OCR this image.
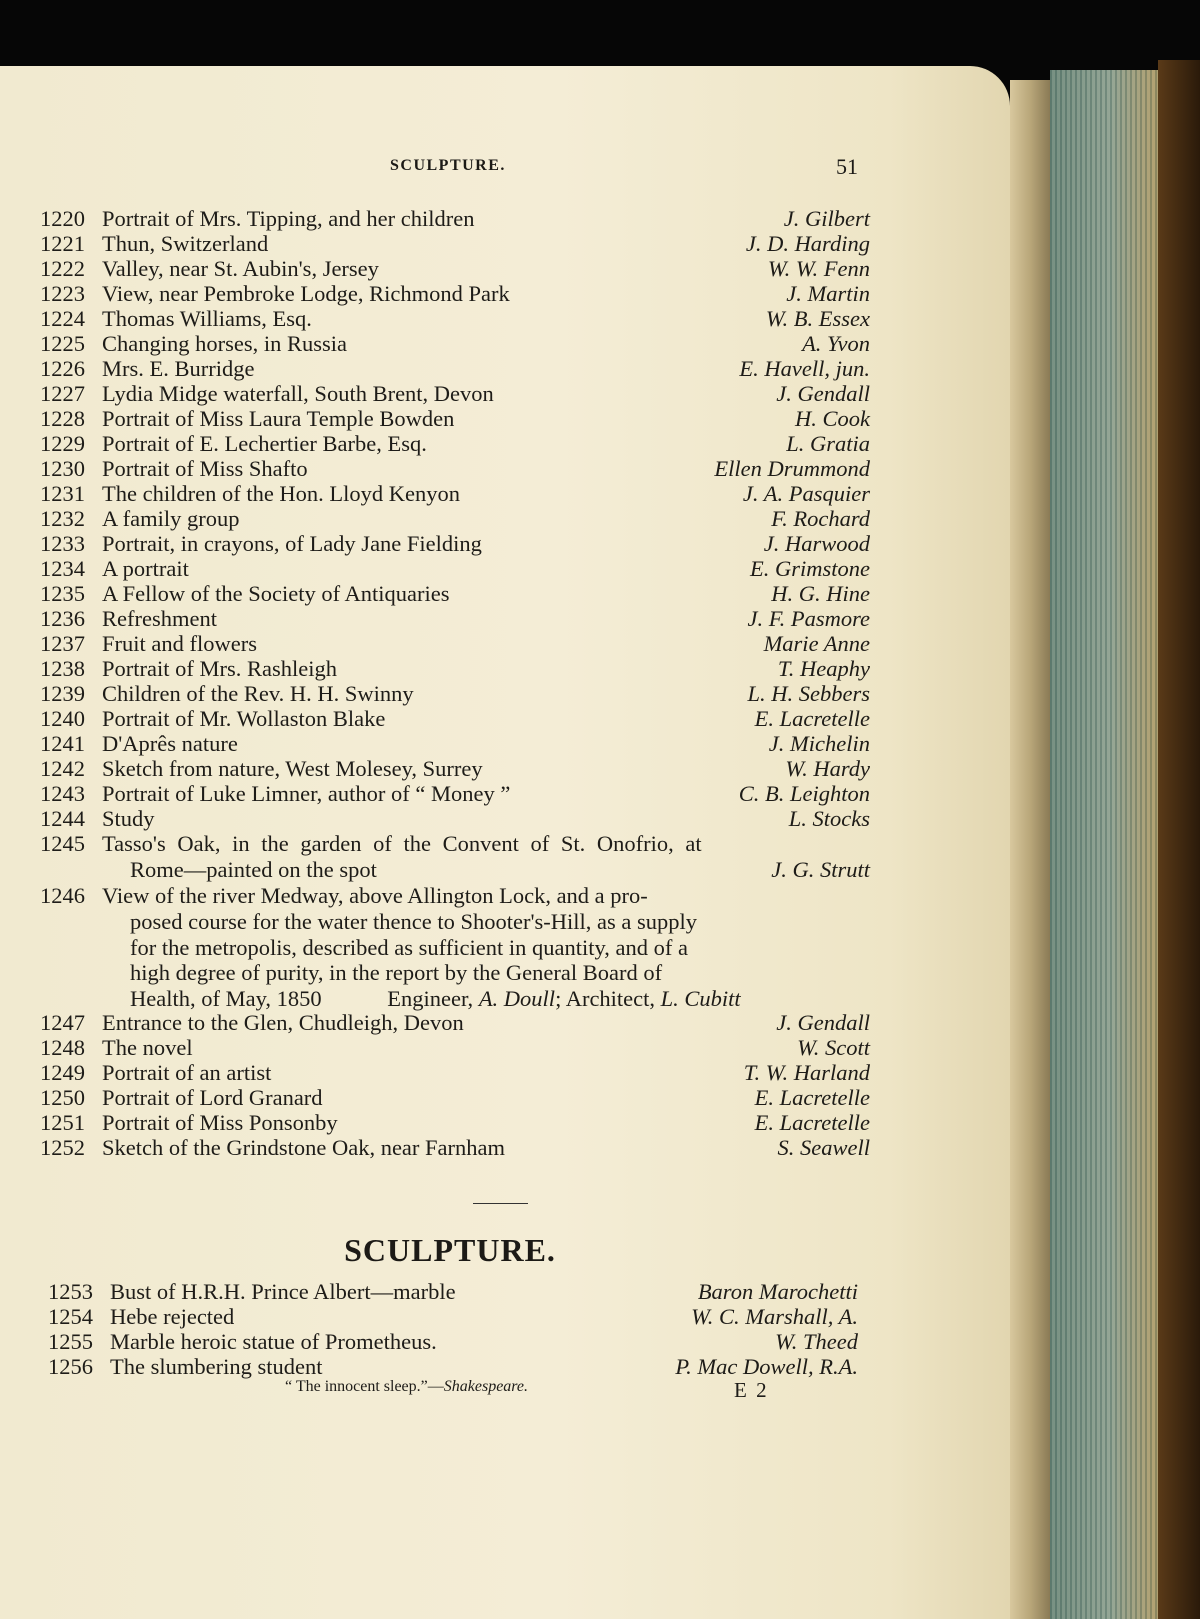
SCULPTURE.	51
1220 Portrait of Mrs. Tipping, and her children	J. Gilbert
1221 Thun, Switzerland	J. D. Harding
1222 Valley, near St. Aubin's, Jersey	W. W. Fenn
1223 View, near Pembroke Lodge, Richmond Park	J. Martin
1224 Thomas Williams, Esq.	W. B. Essex
1225 Changing horses, in Russia	A. Yvon
1226 Mrs. E. Burridge	E. Havell, jun.
1227 Lydia Midge waterfall, South Brent, Devon	J. Gendall
1228 Portrait of Miss Laura Temple Bowden	H. Cook
1229 Portrait of E. Lechertier Barbe, Esq.	L. Gratia
1230 Portrait of Miss Shafto	Ellen Drummond
1231 The children of the Hon. Lloyd Kenyon	J. A. Pasquier
1232 A family group	F. Rochard
1233 Portrait, in crayons, of Lady Jane Fielding	J. Harwood
1234 A portrait	E. Grimstone
1235 A Fellow of the Society of Antiquaries	H. G. Hine
1236 Refreshment	J. F. Pasmore
1237 Fruit and flowers	Marie Anne
1238 Portrait of Mrs. Rashleigh	T. Heaphy
1239 Children of the Rev. H. H. Swinny	L. H. Sebbers
1240 Portrait of Mr. Wollaston Blake	E. Lacretelle
1241 D'Aprês nature	J. Michelin
1242 Sketch from nature, West Molesey, Surrey	W. Hardy
1243 Portrait of Luke Limner, author of “ Money ”	C. B. Leighton
1244 Study	L. Stocks
1245 Tasso's Oak, in the garden of the Convent of St. Onofrio, at
Rome—painted on the spot	J. G. Strutt
1246 View of the river Medway, above Allington Lock, and a pro-
posed course for the water thence to Shooter's-Hill, as a supply
for the metropolis, described as sufficient in quantity, and of a
high degree of purity, in the report by the General Board of
Health, of May, 1850	Engineer, A. Doull; Architect, L. Cubitt
1247 Entrance to the Glen, Chudleigh, Devon	J. Gendall
1248 The novel	W. Scott
1249 Portrait of an artist	T. W. Harland
1250 Portrait of Lord Granard	E. Lacretelle
1251 Portrait of Miss Ponsonby	E. Lacretelle
1252 Sketch of the Grindstone Oak, near Farnham	S. Seawell
SCULPTURE.
1253 Bust of H.R.H. Prince Albert—marble	Baron Marochetti
1254 Hebe rejected	W. C. Marshall, A.
1255 Marble heroic statue of Prometheus.	W. Theed
1256 The slumbering student	P. Mac Dowell, R.A.
“ The innocent sleep.”—Shakespeare.	E 2
